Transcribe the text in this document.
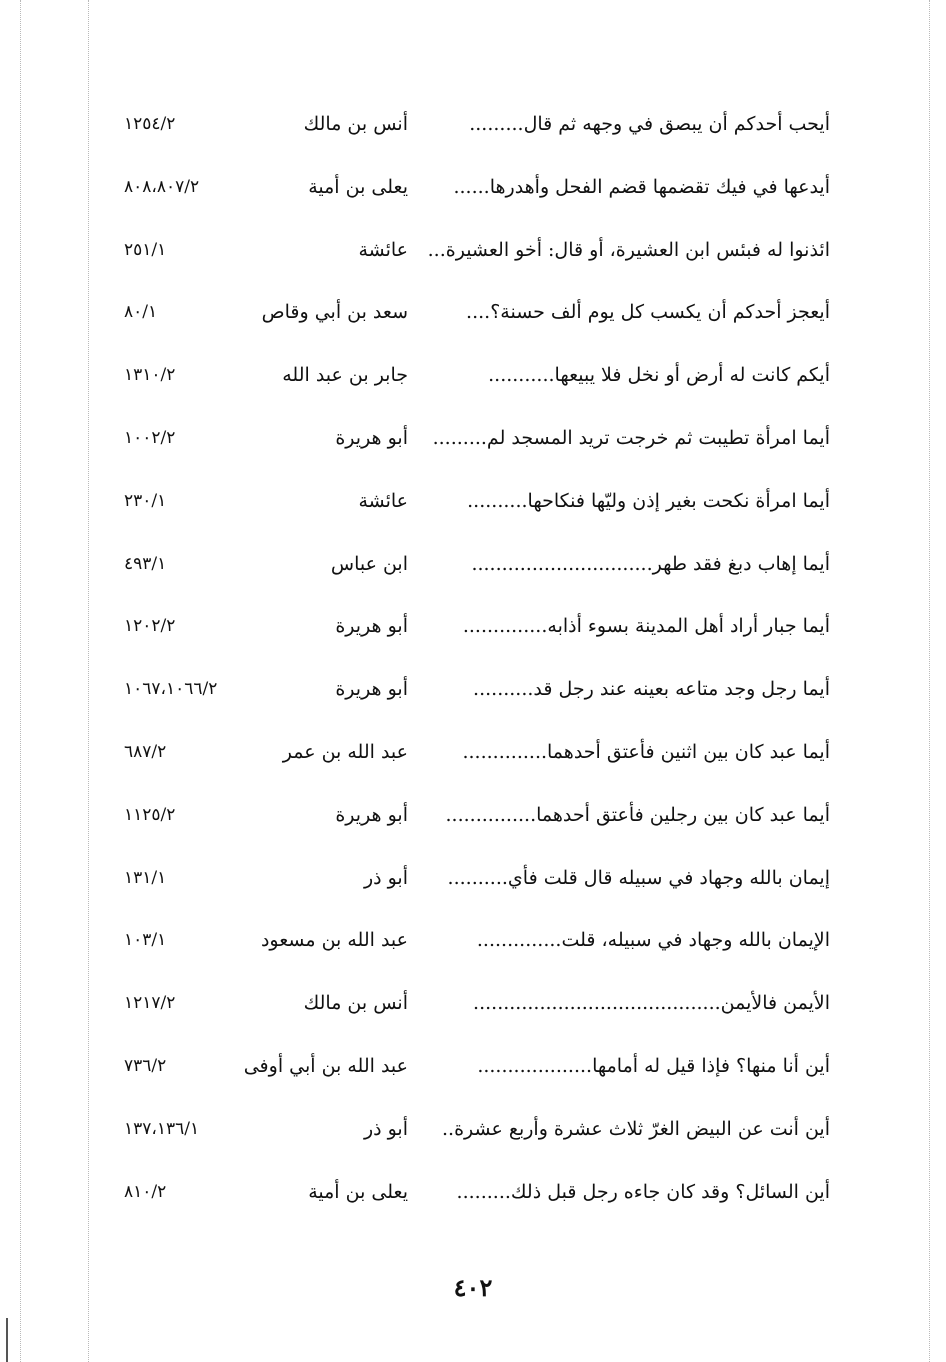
أيحب أحدكم أن يبصق في وجهه ثم قال.........
أنس بن مالك
١٢٥٤/٢
أيدعها في فيك تقضمها قضم الفحل وأهدرها......
يعلى بن أمية
٨٠٨،٨٠٧/٢
ائذنوا له فبئس ابن العشيرة، أو قال: أخو العشيرة...
عائشة
٢٥١/١
أيعجز أحدكم أن يكسب كل يوم ألف حسنة؟....
سعد بن أبي وقاص
٨٠/١
أيكم كانت له أرض أو نخل فلا يبيعها...........
جابر بن عبد الله
١٣١٠/٢
أيما امرأة تطيبت ثم خرجت تريد المسجد لم.........
أبو هريرة
١٠٠٢/٢
أيما امرأة نكحت بغير إذن وليّها فنكاحها..........
عائشة
٢٣٠/١
أيما إهاب دبغ فقد طهر..............................
ابن عباس
٤٩٣/١
أيما جبار أراد أهل المدينة بسوء أذابه..............
أبو هريرة
١٢٠٢/٢
أيما رجل وجد متاعه بعينه عند رجل قد..........
أبو هريرة
١٠٦٧،١٠٦٦/٢
أيما عبد كان بين اثنين فأعتق أحدهما..............
عبد الله بن عمر
٦٨٧/٢
أيما عبد كان بين رجلين فأعتق أحدهما...............
أبو هريرة
١١٢٥/٢
إيمان بالله وجهاد في سبيله قال قلت فأي..........
أبو ذر
١٣١/١
الإيمان بالله وجهاد في سبيله، قلت..............
عبد الله بن مسعود
١٠٣/١
الأيمن فالأيمن.........................................
أنس بن مالك
١٢١٧/٢
أين أنا منها؟ فإذا قيل له أمامها...................
عبد الله بن أبي أوفى
٧٣٦/٢
أين أنت عن البيض الغرّ ثلاث عشرة وأربع عشرة..
أبو ذر
١٣٧،١٣٦/١
أين السائل؟ وقد كان جاءه رجل قبل ذلك.........
يعلى بن أمية
٨١٠/٢
٤٠٢
